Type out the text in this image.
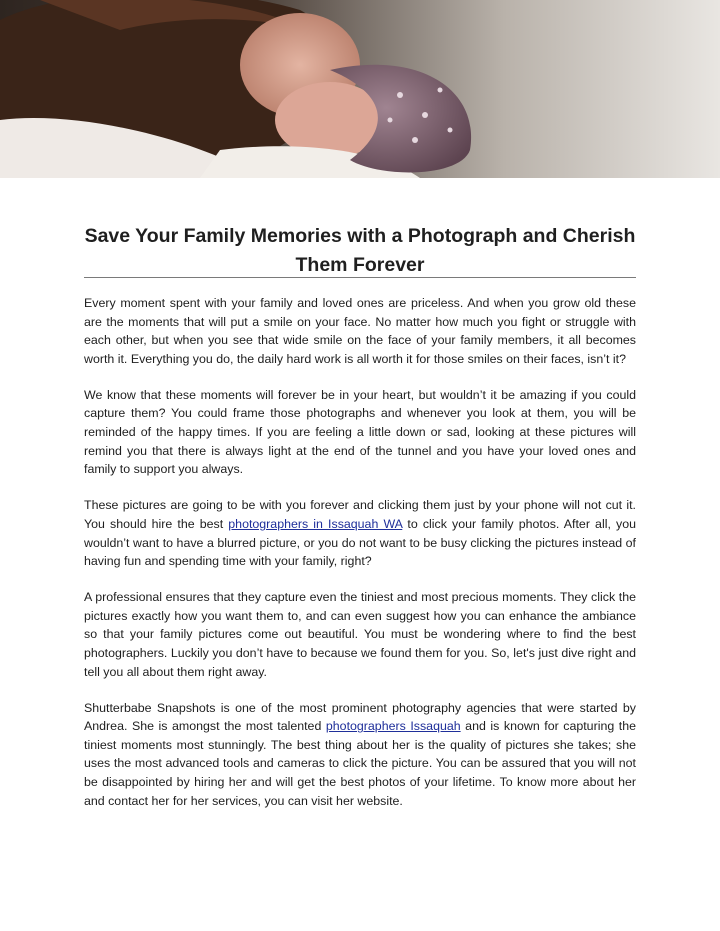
Save Your Family Memories with a Photograph and Cherish Them Forever

Every moment spent with your family and loved ones are priceless. And when you grow old these are the moments that will put a smile on your face. No matter how much you fight or struggle with each other, but when you see that wide smile on the face of your family members, it all becomes worth it. Everything you do, the daily hard work is all worth it for those smiles on their faces, isn’t it?

We know that these moments will forever be in your heart, but wouldn’t it be amazing if you could capture them? You could frame those photographs and whenever you look at them, you will be reminded of the happy times. If you are feeling a little down or sad, looking at these pictures will remind you that there is always light at the end of the tunnel and you have your loved ones and family to support you always.

These pictures are going to be with you forever and clicking them just by your phone will not cut it. You should hire the best photographers in Issaquah WA to click your family photos. After all, you wouldn’t want to have a blurred picture, or you do not want to be busy clicking the pictures instead of having fun and spending time with your family, right?

A professional ensures that they capture even the tiniest and most precious moments. They click the pictures exactly how you want them to, and can even suggest how you can enhance the ambiance so that your family pictures come out beautiful. You must be wondering where to find the best photographers. Luckily you don’t have to because we found them for you. So, let's just dive right and tell you all about them right away.

Shutterbabe Snapshots is one of the most prominent photography agencies that were started by Andrea. She is amongst the most talented photographers Issaquah and is known for capturing the tiniest moments most stunningly. The best thing about her is the quality of pictures she takes; she uses the most advanced tools and cameras to click the picture. You can be assured that you will not be disappointed by hiring her and will get the best photos of your lifetime. To know more about her and contact her for her services, you can visit her website.
